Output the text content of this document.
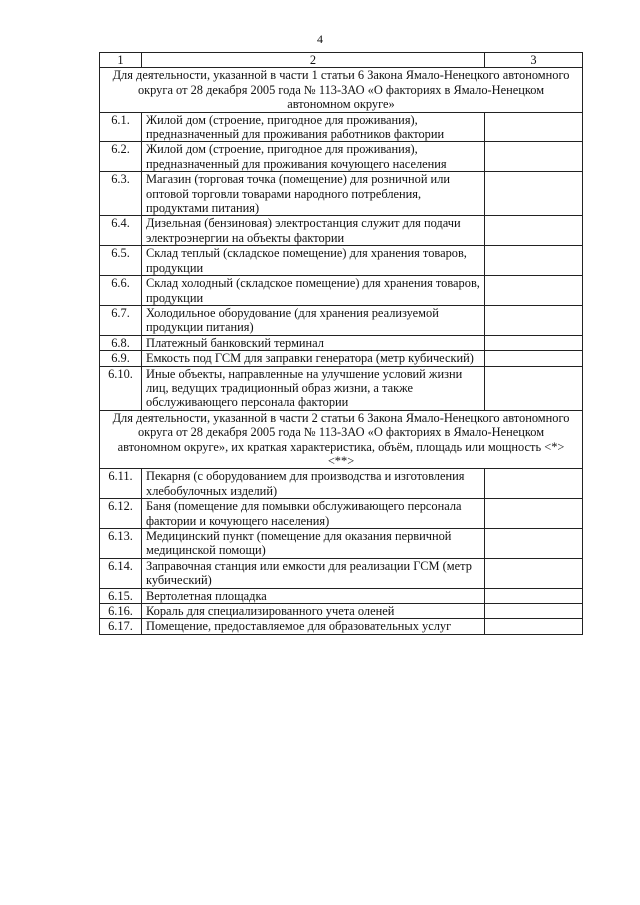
4
1	2	3
Для деятельности, указанной в части 1 статьи 6 Закона Ямало-Ненецкого автономного округа от 28 декабря 2005 года № 113-ЗАО «О факториях в Ямало-Ненецком автономном округе»		
6.1.	Жилой дом (строение, пригодное для проживания), предназначенный для проживания работников фактории	
6.2.	Жилой дом (строение, пригодное для проживания), предназначенный для проживания кочующего населения	
6.3.	Магазин (торговая точка (помещение) для розничной или оптовой торговли товарами народного потребления, продуктами питания)	
6.4.	Дизельная (бензиновая) электростанция служит для подачи электроэнергии на объекты фактории	
6.5.	Склад теплый (складское помещение) для хранения товаров, продукции	
6.6.	Склад холодный (складское помещение) для хранения товаров, продукции	
6.7.	Холодильное оборудование (для хранения реализуемой продукции питания)	
6.8.	Платежный банковский терминал	
6.9.	Емкость под ГСМ для заправки генератора (метр кубический)	
6.10.	Иные объекты, направленные на улучшение условий жизни лиц, ведущих традиционный образ жизни, а также обслуживающего персонала фактории	
Для деятельности, указанной в части 2 статьи 6 Закона Ямало-Ненецкого автономного округа от 28 декабря 2005 года № 113-ЗАО «О факториях в Ямало-Ненецком автономном округе», их краткая характеристика, объём, площадь или мощность <*> <**>		
6.11.	Пекарня (с оборудованием для производства и изготовления хлебобулочных изделий)	
6.12.	Баня (помещение для помывки обслуживающего персонала фактории и кочующего населения)	
6.13.	Медицинский пункт (помещение для оказания первичной медицинской помощи)	
6.14.	Заправочная станция или емкости для реализации ГСМ (метр кубический)	
6.15.	Вертолетная площадка	
6.16.	Кораль для специализированного учета оленей	
6.17.	Помещение, предоставляемое для образовательных услуг	
